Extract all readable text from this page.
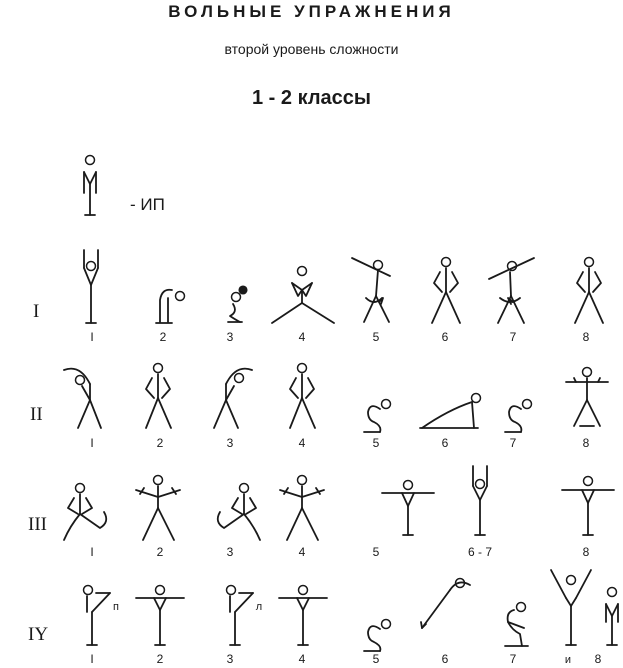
ВОЛЬНЫЕ УПРАЖНЕНИЯ
второй уровень сложности
1 - 2 классы
- ИП
I
II
III
IY
I	2	3	4	5	6	7	8
I	2	3	4	5	6	7	8
I	2	3	4	5	6 - 7	8
I	2	3	4	5	6	7	и 8
п	л
